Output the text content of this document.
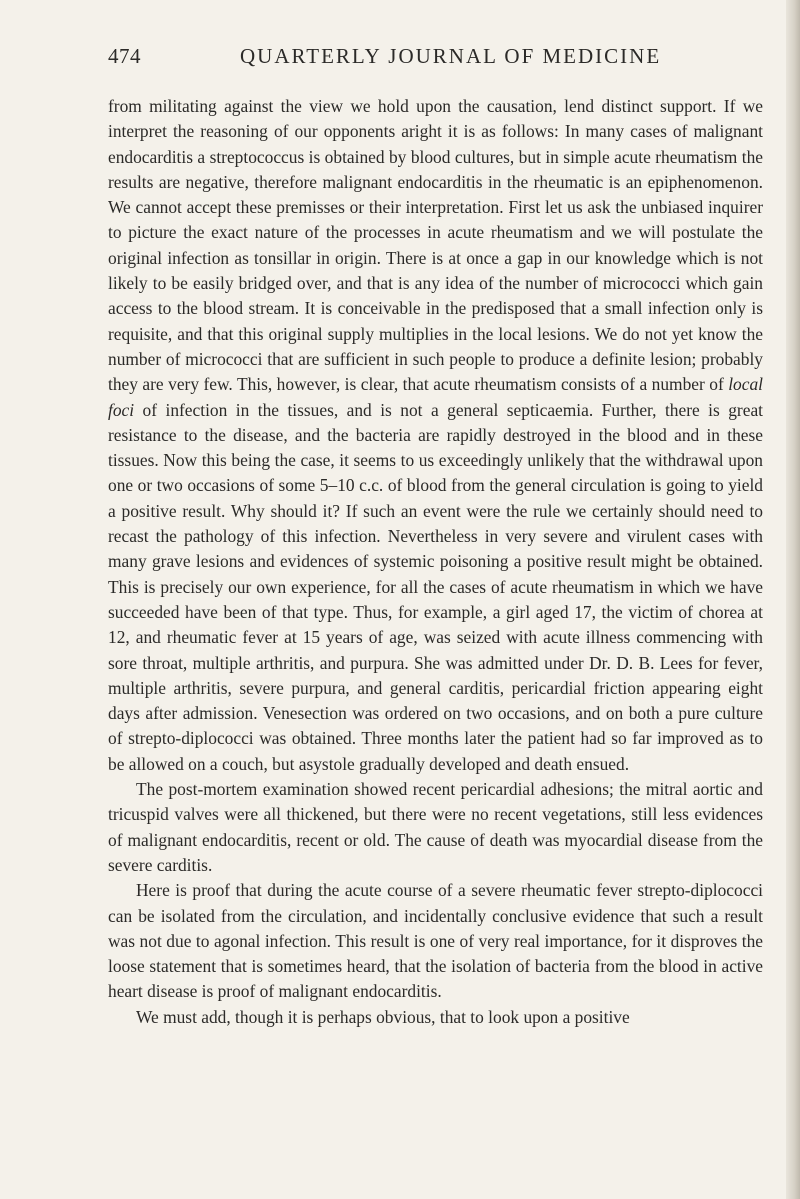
474	QUARTERLY JOURNAL OF MEDICINE

from militating against the view we hold upon the causation, lend distinct support. If we interpret the reasoning of our opponents aright it is as follows: In many cases of malignant endocarditis a streptococcus is obtained by blood cultures, but in simple acute rheumatism the results are negative, therefore malignant endocarditis in the rheumatic is an epiphenomenon. We cannot accept these premisses or their interpretation. First let us ask the unbiased inquirer to picture the exact nature of the processes in acute rheumatism and we will postulate the original infection as tonsillar in origin. There is at once a gap in our knowledge which is not likely to be easily bridged over, and that is any idea of the number of micrococci which gain access to the blood stream. It is conceivable in the predisposed that a small infection only is requisite, and that this original supply multiplies in the local lesions. We do not yet know the number of micrococci that are sufficient in such people to produce a definite lesion; probably they are very few. This, however, is clear, that acute rheumatism consists of a number of local foci of infection in the tissues, and is not a general septicaemia. Further, there is great resistance to the disease, and the bacteria are rapidly destroyed in the blood and in these tissues. Now this being the case, it seems to us exceedingly unlikely that the withdrawal upon one or two occasions of some 5–10 c.c. of blood from the general circulation is going to yield a positive result. Why should it? If such an event were the rule we certainly should need to recast the pathology of this infection. Nevertheless in very severe and virulent cases with many grave lesions and evidences of systemic poisoning a positive result might be obtained. This is precisely our own experience, for all the cases of acute rheumatism in which we have succeeded have been of that type. Thus, for example, a girl aged 17, the victim of chorea at 12, and rheumatic fever at 15 years of age, was seized with acute illness commencing with sore throat, multiple arthritis, and purpura. She was admitted under Dr. D. B. Lees for fever, multiple arthritis, severe purpura, and general carditis, pericardial friction appearing eight days after admission. Venesection was ordered on two occasions, and on both a pure culture of strepto-diplococci was obtained. Three months later the patient had so far improved as to be allowed on a couch, but asystole gradually developed and death ensued.

The post-mortem examination showed recent pericardial adhesions; the mitral aortic and tricuspid valves were all thickened, but there were no recent vegetations, still less evidences of malignant endocarditis, recent or old. The cause of death was myocardial disease from the severe carditis.

Here is proof that during the acute course of a severe rheumatic fever strepto-diplococci can be isolated from the circulation, and incidentally conclusive evidence that such a result was not due to agonal infection. This result is one of very real importance, for it disproves the loose statement that is sometimes heard, that the isolation of bacteria from the blood in active heart disease is proof of malignant endocarditis.

We must add, though it is perhaps obvious, that to look upon a positive
